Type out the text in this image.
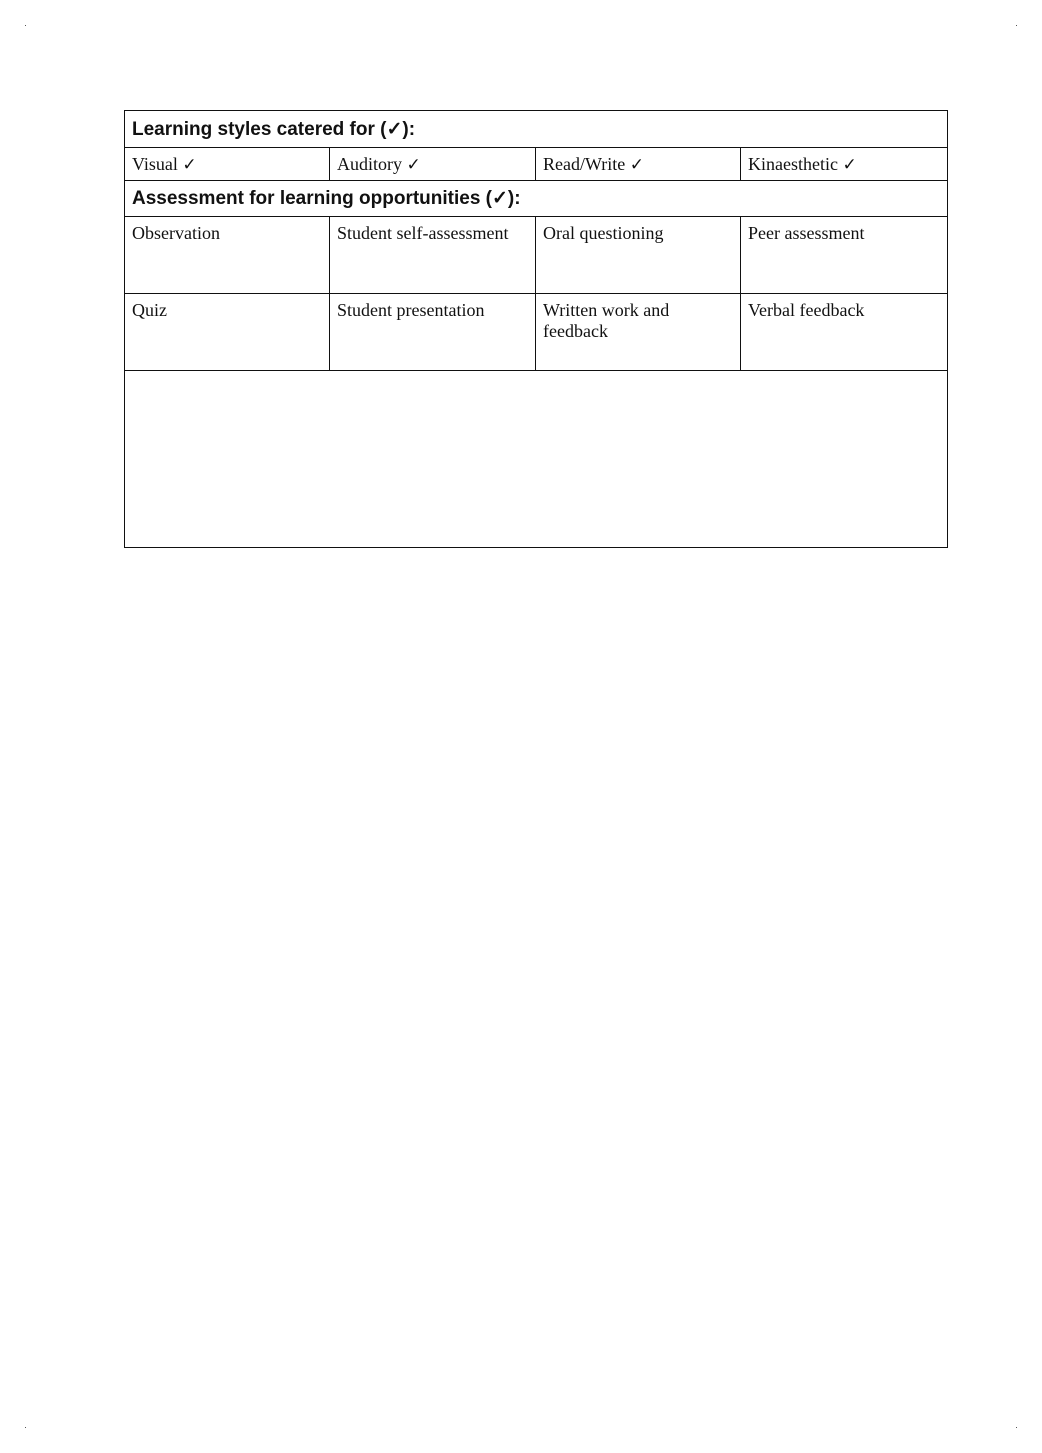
Learning styles catered for (✓):			
Visual ✓	Auditory ✓	Read/Write ✓	Kinaesthetic ✓
Assessment for learning opportunities (✓):			
Observation	Student self-assessment	Oral questioning	Peer assessment
Quiz	Student presentation	Written work and feedback	Verbal feedback
